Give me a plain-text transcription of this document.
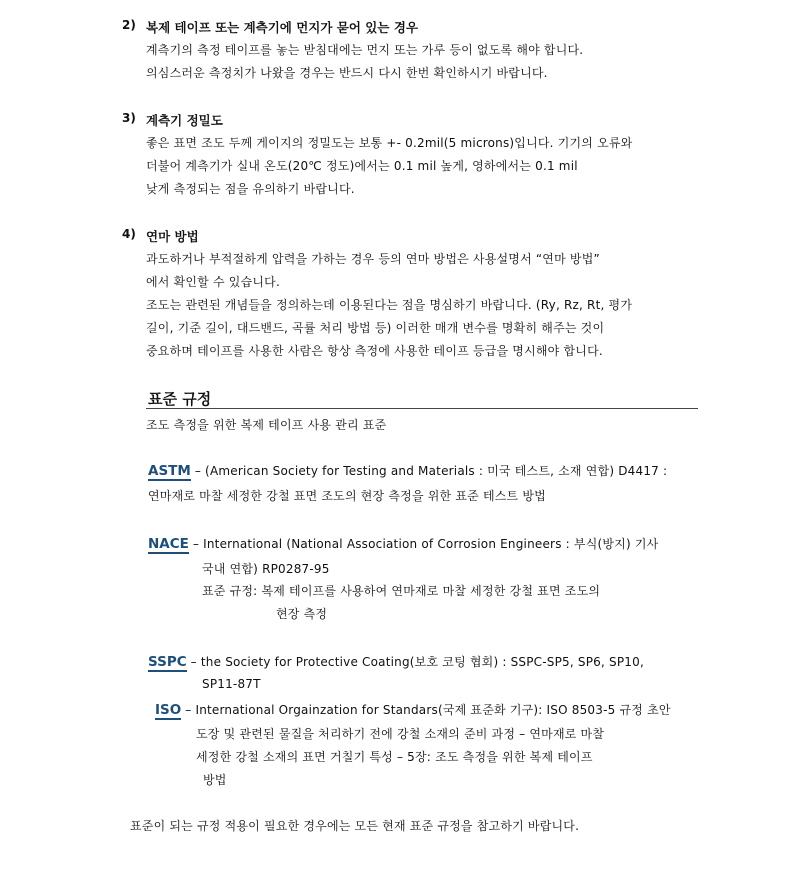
2) 복제 테이프 또는 계측기에 먼지가 묻어 있는 경우
계측기의 측정 테이프를 놓는 받침대에는 먼지 또는 가루 등이 없도록 해야 합니다.
의심스러운 측정치가 나왔을 경우는 반드시 다시 한번 확인하시기 바랍니다.
3) 계측기 정밀도
좋은 표면 조도 두께 게이지의 정밀도는 보통 +- 0.2mil(5 microns)입니다. 기기의 오류와
더불어 계측기가 실내 온도(20℃ 정도)에서는 0.1 mil 높게, 영하에서는 0.1 mil
낮게 측정되는 점을 유의하기 바랍니다.
4) 연마 방법
과도하거나 부적절하게 압력을 가하는 경우 등의 연마 방법은 사용설명서 “연마 방법”
에서 확인할 수 있습니다.
조도는 관련된 개념들을 정의하는데 이용된다는 점을 명심하기 바랍니다. (Ry, Rz, Rt, 평가
길이, 기준 길이, 대드밴드, 곡률 처리 방법 등) 이러한 매개 변수를 명확히 해주는 것이
중요하며 테이프를 사용한 사람은 항상 측정에 사용한 테이프 등급을 명시해야 합니다.
표준 규정
조도 측정을 위한 복제 테이프 사용 관리 표준
ASTM – (American Society for Testing and Materials : 미국 테스트, 소재 연합) D4417 :
연마재로 마찰 세정한 강철 표면 조도의 현장 측정을 위한 표준 테스트 방법
NACE – International (National Association of Corrosion Engineers : 부식(방지) 기사
국내 연합) RP0287-95
표준 규정: 복제 테이프를 사용하여 연마재로 마찰 세정한 강철 표면 조도의
현장 측정
SSPC – the Society for Protective Coating(보호 코팅 협회) : SSPC-SP5, SP6, SP10,
SP11-87T
ISO – International Orgainzation for Standars(국제 표준화 기구): ISO 8503-5 규정 초안
도장 및 관련된 물질을 처리하기 전에 강철 소재의 준비 과정 – 연마재로 마찰
세정한 강철 소재의 표면 거칠기 특성 – 5장: 조도 측정을 위한 복제 테이프
방법
표준이 되는 규정 적용이 필요한 경우에는 모든 현재 표준 규정을 참고하기 바랍니다.
